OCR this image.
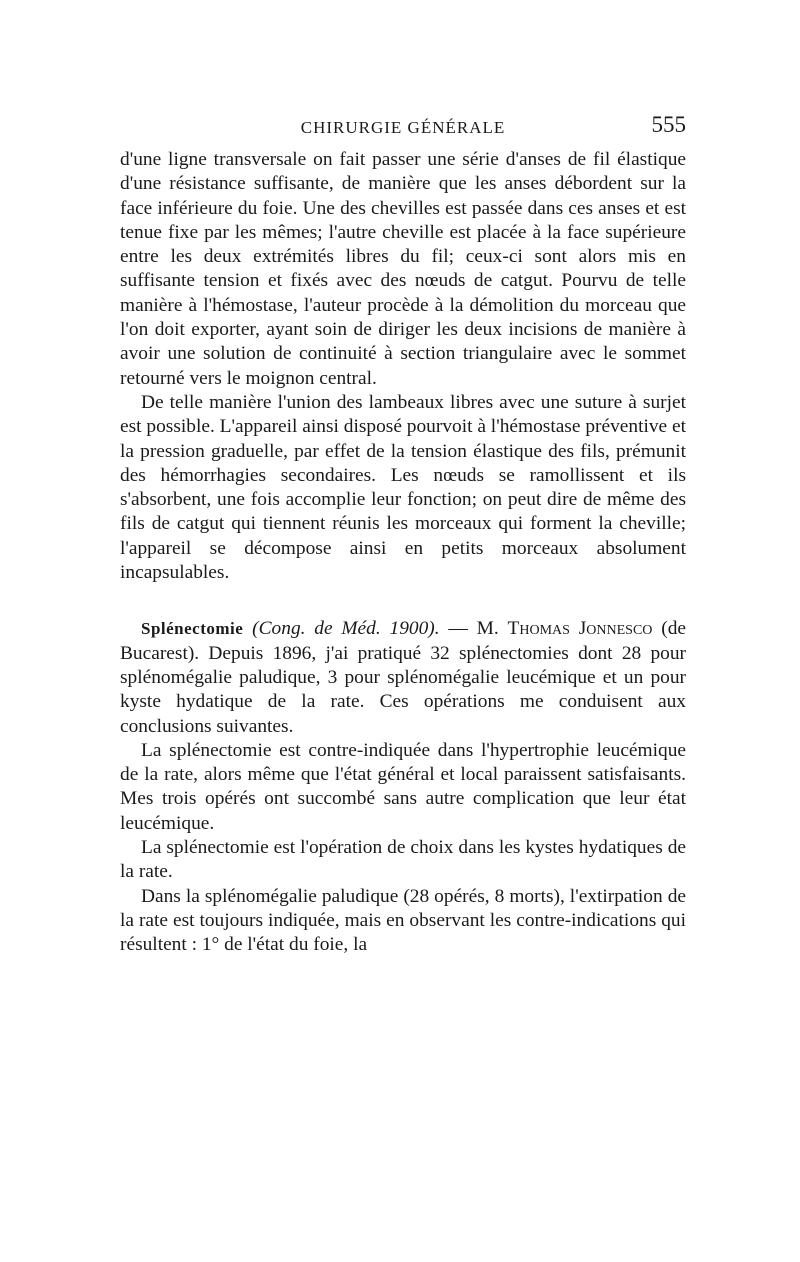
CHIRURGIE GÉNÉRALE	555

d'une ligne transversale on fait passer une série d'anses de fil élastique d'une résistance suffisante, de manière que les anses débordent sur la face inférieure du foie. Une des chevilles est passée dans ces anses et est tenue fixe par les mêmes; l'autre cheville est placée à la face supérieure entre les deux extrémités libres du fil; ceux-ci sont alors mis en suffisante tension et fixés avec des nœuds de catgut. Pourvu de telle manière à l'hémostase, l'auteur procède à la démolition du morceau que l'on doit exporter, ayant soin de diriger les deux incisions de manière à avoir une solution de continuité à section triangulaire avec le sommet retourné vers le moignon central.

De telle manière l'union des lambeaux libres avec une suture à surjet est possible. L'appareil ainsi disposé pourvoit à l'hémostase préventive et la pression graduelle, par effet de la tension élastique des fils, prémunit des hémorrhagies secondaires. Les nœuds se ramollissent et ils s'absorbent, une fois accomplie leur fonction; on peut dire de même des fils de catgut qui tiennent réunis les morceaux qui forment la cheville; l'appareil se décompose ainsi en petits morceaux absolument incapsulables.

Splénectomie (Cong. de Méd. 1900). — M. Thomas Jonnesco (de Bucarest). Depuis 1896, j'ai pratiqué 32 splénectomies dont 28 pour splénomégalie paludique, 3 pour splénomégalie leucémique et un pour kyste hydatique de la rate. Ces opérations me conduisent aux conclusions suivantes.

La splénectomie est contre-indiquée dans l'hypertrophie leucémique de la rate, alors même que l'état général et local paraissent satisfaisants. Mes trois opérés ont succombé sans autre complication que leur état leucémique.

La splénectomie est l'opération de choix dans les kystes hydatiques de la rate.

Dans la splénomégalie paludique (28 opérés, 8 morts), l'extirpation de la rate est toujours indiquée, mais en observant les contre-indications qui résultent : 1° de l'état du foie, la
